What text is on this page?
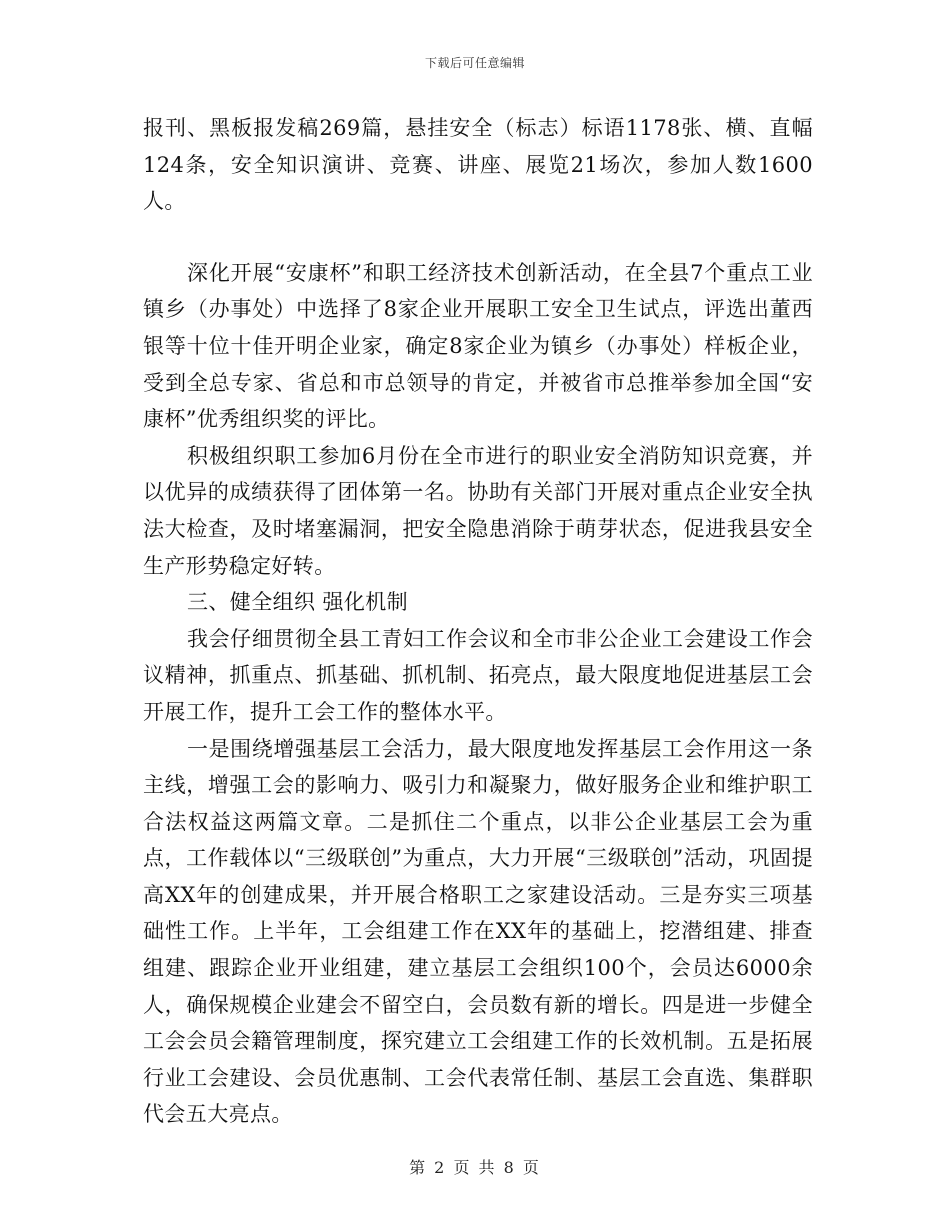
下载后可任意编辑

报刊、黑板报发稿269篇，悬挂安全（标志）标语1178张、横、直幅124条，安全知识演讲、竞赛、讲座、展览21场次，参加人数1600人。

深化开展“安康杯”和职工经济技术创新活动，在全县7个重点工业镇乡（办事处）中选择了8家企业开展职工安全卫生试点，评选出董西银等十位十佳开明企业家，确定8家企业为镇乡（办事处）样板企业，受到全总专家、省总和市总领导的肯定，并被省市总推举参加全国“安康杯”优秀组织奖的评比。

积极组织职工参加6月份在全市进行的职业安全消防知识竞赛，并以优异的成绩获得了团体第一名。协助有关部门开展对重点企业安全执法大检查，及时堵塞漏洞，把安全隐患消除于萌芽状态，促进我县安全生产形势稳定好转。

三、健全组织 强化机制

我会仔细贯彻全县工青妇工作会议和全市非公企业工会建设工作会议精神，抓重点、抓基础、抓机制、拓亮点，最大限度地促进基层工会开展工作，提升工会工作的整体水平。

一是围绕增强基层工会活力，最大限度地发挥基层工会作用这一条主线，增强工会的影响力、吸引力和凝聚力，做好服务企业和维护职工合法权益这两篇文章。二是抓住二个重点，以非公企业基层工会为重点，工作载体以“三级联创”为重点，大力开展“三级联创”活动，巩固提高XX年的创建成果，并开展合格职工之家建设活动。三是夯实三项基础性工作。上半年，工会组建工作在XX年的基础上，挖潜组建、排查组建、跟踪企业开业组建，建立基层工会组织100个，会员达6000余人，确保规模企业建会不留空白，会员数有新的增长。四是进一步健全工会会员会籍管理制度，探究建立工会组建工作的长效机制。五是拓展行业工会建设、会员优惠制、工会代表常任制、基层工会直选、集群职代会五大亮点。

第 2 页 共 8 页
